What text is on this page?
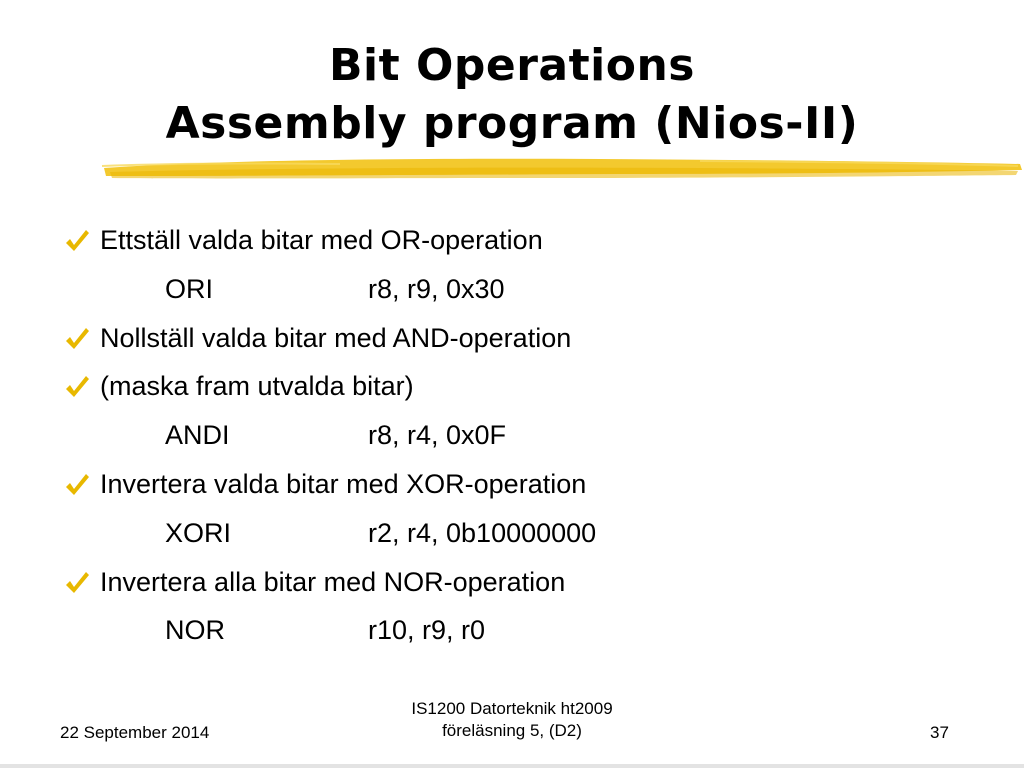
Bit Operations
Assembly program (Nios-II)
Ettställ valda bitar med OR-operation
ORI	r8, r9, 0x30
Nollställ valda bitar med AND-operation
(maska fram utvalda bitar)
ANDI	r8, r4, 0x0F
Invertera valda bitar med XOR-operation
XORI	r2, r4, 0b10000000
Invertera alla bitar med NOR-operation
NOR	r10, r9, r0
22 September 2014
IS1200 Datorteknik ht2009
föreläsning 5, (D2)	37
